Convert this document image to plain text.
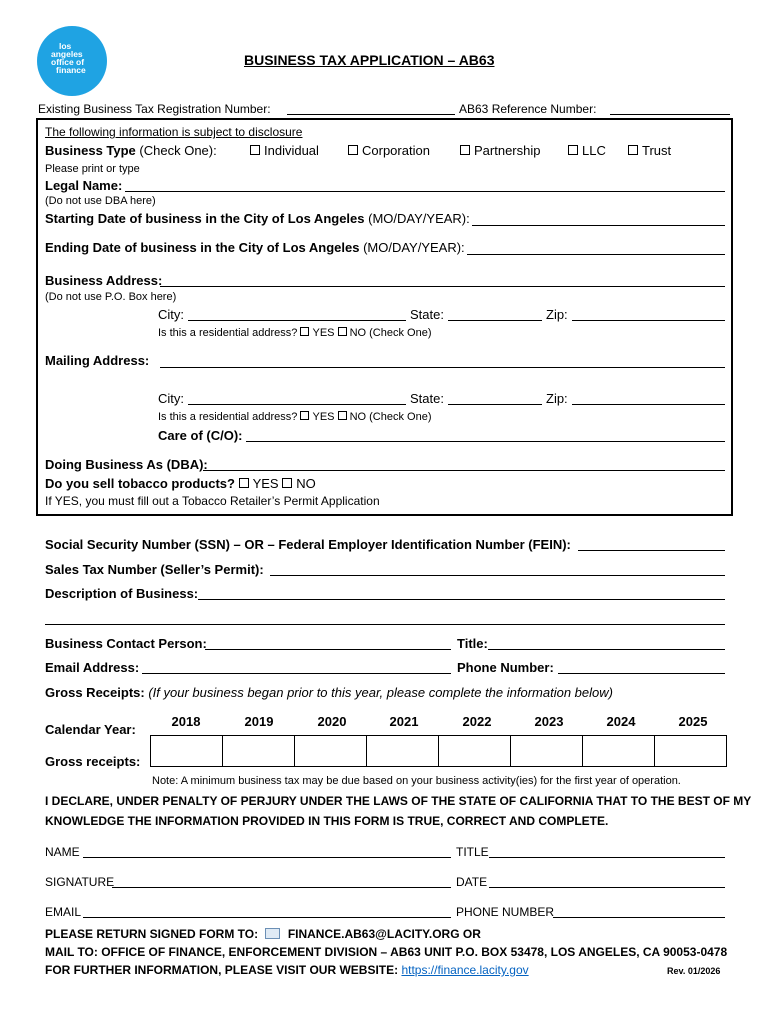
los
angeles
office of
finance
BUSINESS TAX APPLICATION – AB63
Existing Business Tax Registration Number:	AB63 Reference Number:
The following information is subject to disclosure
Business Type (Check One):	Individual	Corporation	Partnership	LLC	Trust
Please print or type
Legal Name:
(Do not use DBA here)
Starting Date of business in the City of Los Angeles (MO/DAY/YEAR):
Ending Date of business in the City of Los Angeles (MO/DAY/YEAR):
Business Address:
(Do not use P.O. Box here)
City:	State:	Zip:
Is this a residential address? YES NO (Check One)
Mailing Address:
City:	State:	Zip:
Is this a residential address? YES NO (Check One)
Care of (C/O):
Doing Business As (DBA):
Do you sell tobacco products? YES NO
If YES, you must fill out a Tobacco Retailer’s Permit Application
Social Security Number (SSN) – OR – Federal Employer Identification Number (FEIN):
Sales Tax Number (Seller’s Permit):
Description of Business:
Business Contact Person:	Title:
Email Address:	Phone Number:
Gross Receipts: (If your business began prior to this year, please complete the information below)
Calendar Year:
2018	2019	2020	2021	2022	2023	2024	2025

Gross receipts:
Note: A minimum business tax may be due based on your business activity(ies) for the first year of operation.
I DECLARE, UNDER PENALTY OF PERJURY UNDER THE LAWS OF THE STATE OF CALIFORNIA THAT TO THE BEST OF MY
KNOWLEDGE THE INFORMATION PROVIDED IN THIS FORM IS TRUE, CORRECT AND COMPLETE.
NAME	TITLE
SIGNATURE	DATE
EMAIL	PHONE NUMBER
PLEASE RETURN SIGNED FORM TO: FINANCE.AB63@LACITY.ORG OR
MAIL TO: OFFICE OF FINANCE, ENFORCEMENT DIVISION – AB63 UNIT P.O. BOX 53478, LOS ANGELES, CA 90053-0478
FOR FURTHER INFORMATION, PLEASE VISIT OUR WEBSITE: https://finance.lacity.gov	Rev. 01/2026
